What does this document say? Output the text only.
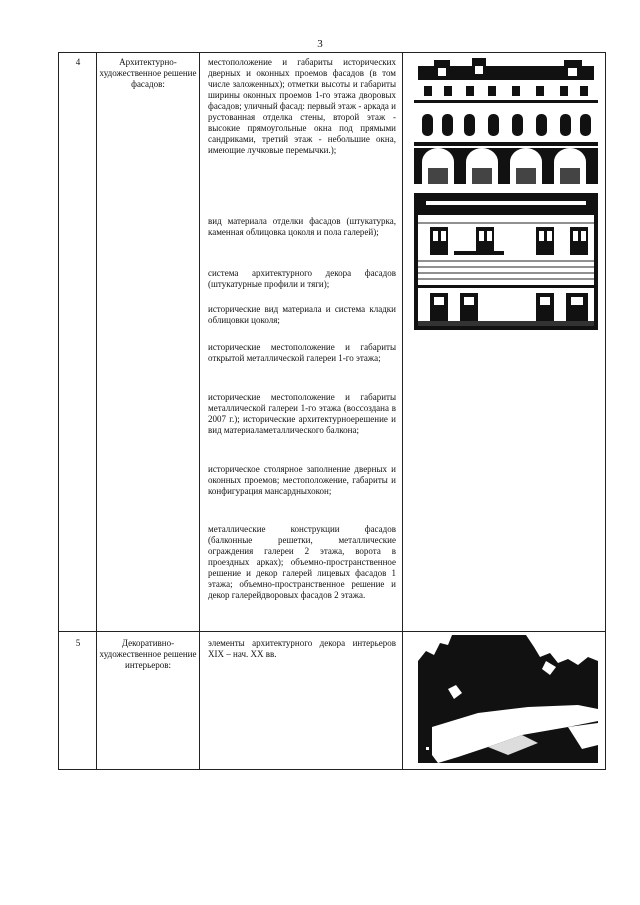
3
4	Архитектурно-художественное решение фасадов:

местоположение и габариты исторических дверных и оконных проемов фасадов (в том числе заложенных); отметки высоты и габариты ширины оконных проемов 1-го этажа дворовых фасадов; уличный фасад: первый этаж - аркада и рустованная отделка стены, второй этаж - высокие прямоугольные окна под прямыми сандриками, третий этаж - небольшие окна, имеющие лучковые перемычки.);

вид материала отделки фасадов (штукатурка, каменная облицовка цоколя и пола галерей);

система архитектурного декора фасадов (штукатурные профили и тяги);

исторические вид материала и система кладки облицовки цоколя;

исторические местоположение и габариты открытой металлической галереи 1-го этажа;

исторические местоположение и габариты металлической галереи 1-го этажа (воссоздана в 2007 г.); исторические архитектурноерешение и вид материаламеталлического балкона;

историческое столярное заполнение дверных и оконных проемов; местоположение, габариты и конфигурация мансардныхокон;

металлические конструкции фасадов (балконные решетки, металлические ограждения галереи 2 этажа, ворота в проездных арках); объемно-пространственное решение и декор галерей лицевых фасадов 1 этажа; объемно-пространственное решение и декор галерейдворовых фасадов 2 этажа.

5	Декоративно-художественное решение интерьеров:

элементы архитектурного декора интерьеров XIX – нач. XX вв.
